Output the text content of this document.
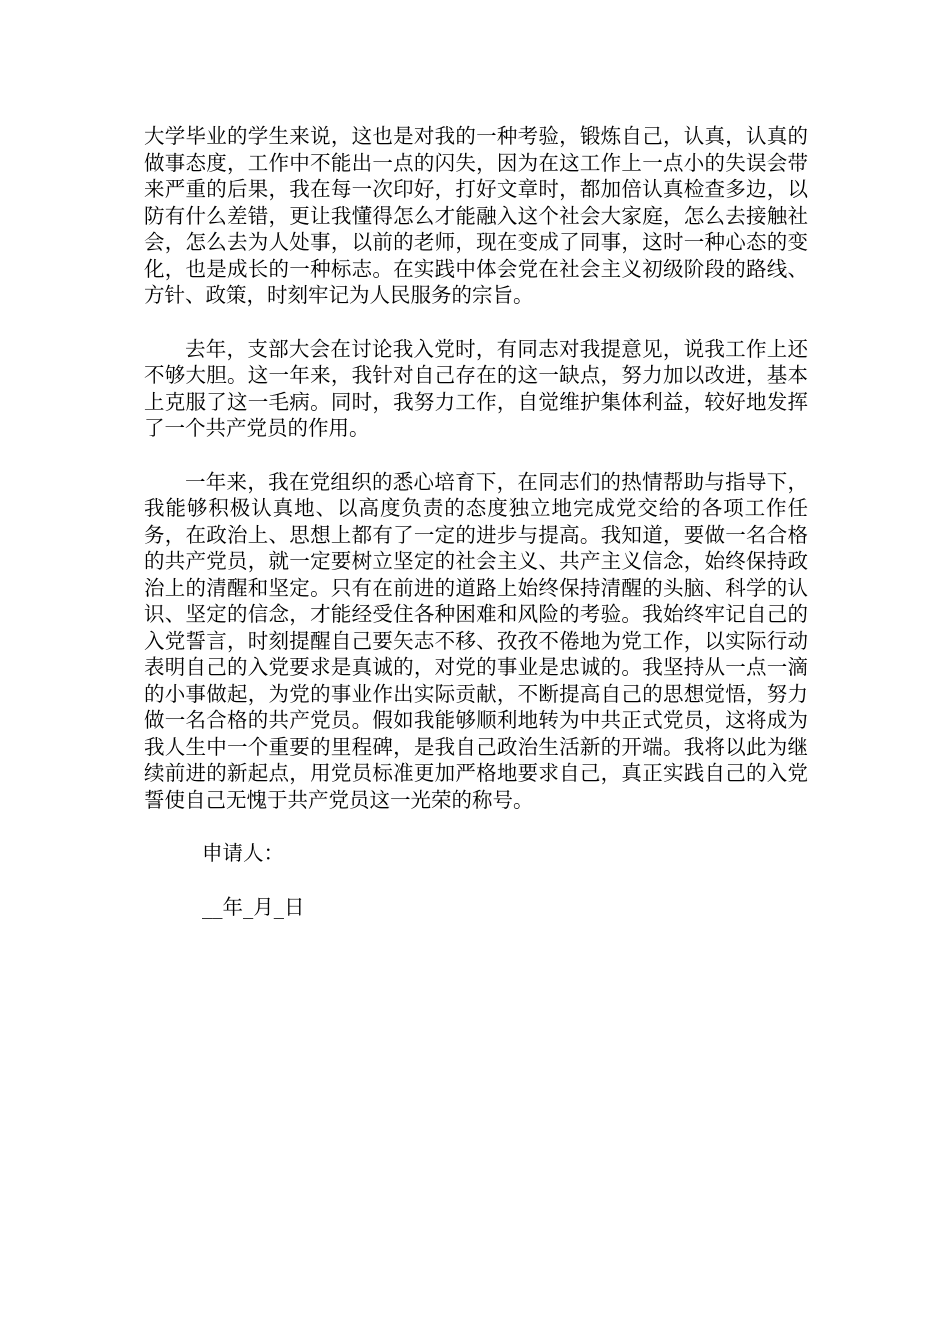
大学毕业的学生来说，这也是对我的一种考验，锻炼自己，认真，认真的做事态度，工作中不能出一点的闪失，因为在这工作上一点小的失误会带来严重的后果，我在每一次印好，打好文章时，都加倍认真检查多边，以防有什么差错，更让我懂得怎么才能融入这个社会大家庭，怎么去接触社会，怎么去为人处事，以前的老师，现在变成了同事，这时一种心态的变化，也是成长的一种标志。在实践中体会党在社会主义初级阶段的路线、方针、政策，时刻牢记为人民服务的宗旨。

去年，支部大会在讨论我入党时，有同志对我提意见，说我工作上还不够大胆。这一年来，我针对自己存在的这一缺点，努力加以改进，基本上克服了这一毛病。同时，我努力工作，自觉维护集体利益，较好地发挥了一个共产党员的作用。

一年来，我在党组织的悉心培育下，在同志们的热情帮助与指导下，我能够积极认真地、以高度负责的态度独立地完成党交给的各项工作任务，在政治上、思想上都有了一定的进步与提高。我知道，要做一名合格的共产党员，就一定要树立坚定的社会主义、共产主义信念，始终保持政治上的清醒和坚定。只有在前进的道路上始终保持清醒的头脑、科学的认识、坚定的信念，才能经受住各种困难和风险的考验。我始终牢记自己的入党誓言，时刻提醒自己要矢志不移、孜孜不倦地为党工作，以实际行动表明自己的入党要求是真诚的，对党的事业是忠诚的。我坚持从一点一滴的小事做起，为党的事业作出实际贡献，不断提高自己的思想觉悟，努力做一名合格的共产党员。假如我能够顺利地转为中共正式党员，这将成为我人生中一个重要的里程碑，是我自己政治生活新的开端。我将以此为继续前进的新起点，用党员标准更加严格地要求自己，真正实践自己的入党誓使自己无愧于共产党员这一光荣的称号。

申请人：

__年_月_日
